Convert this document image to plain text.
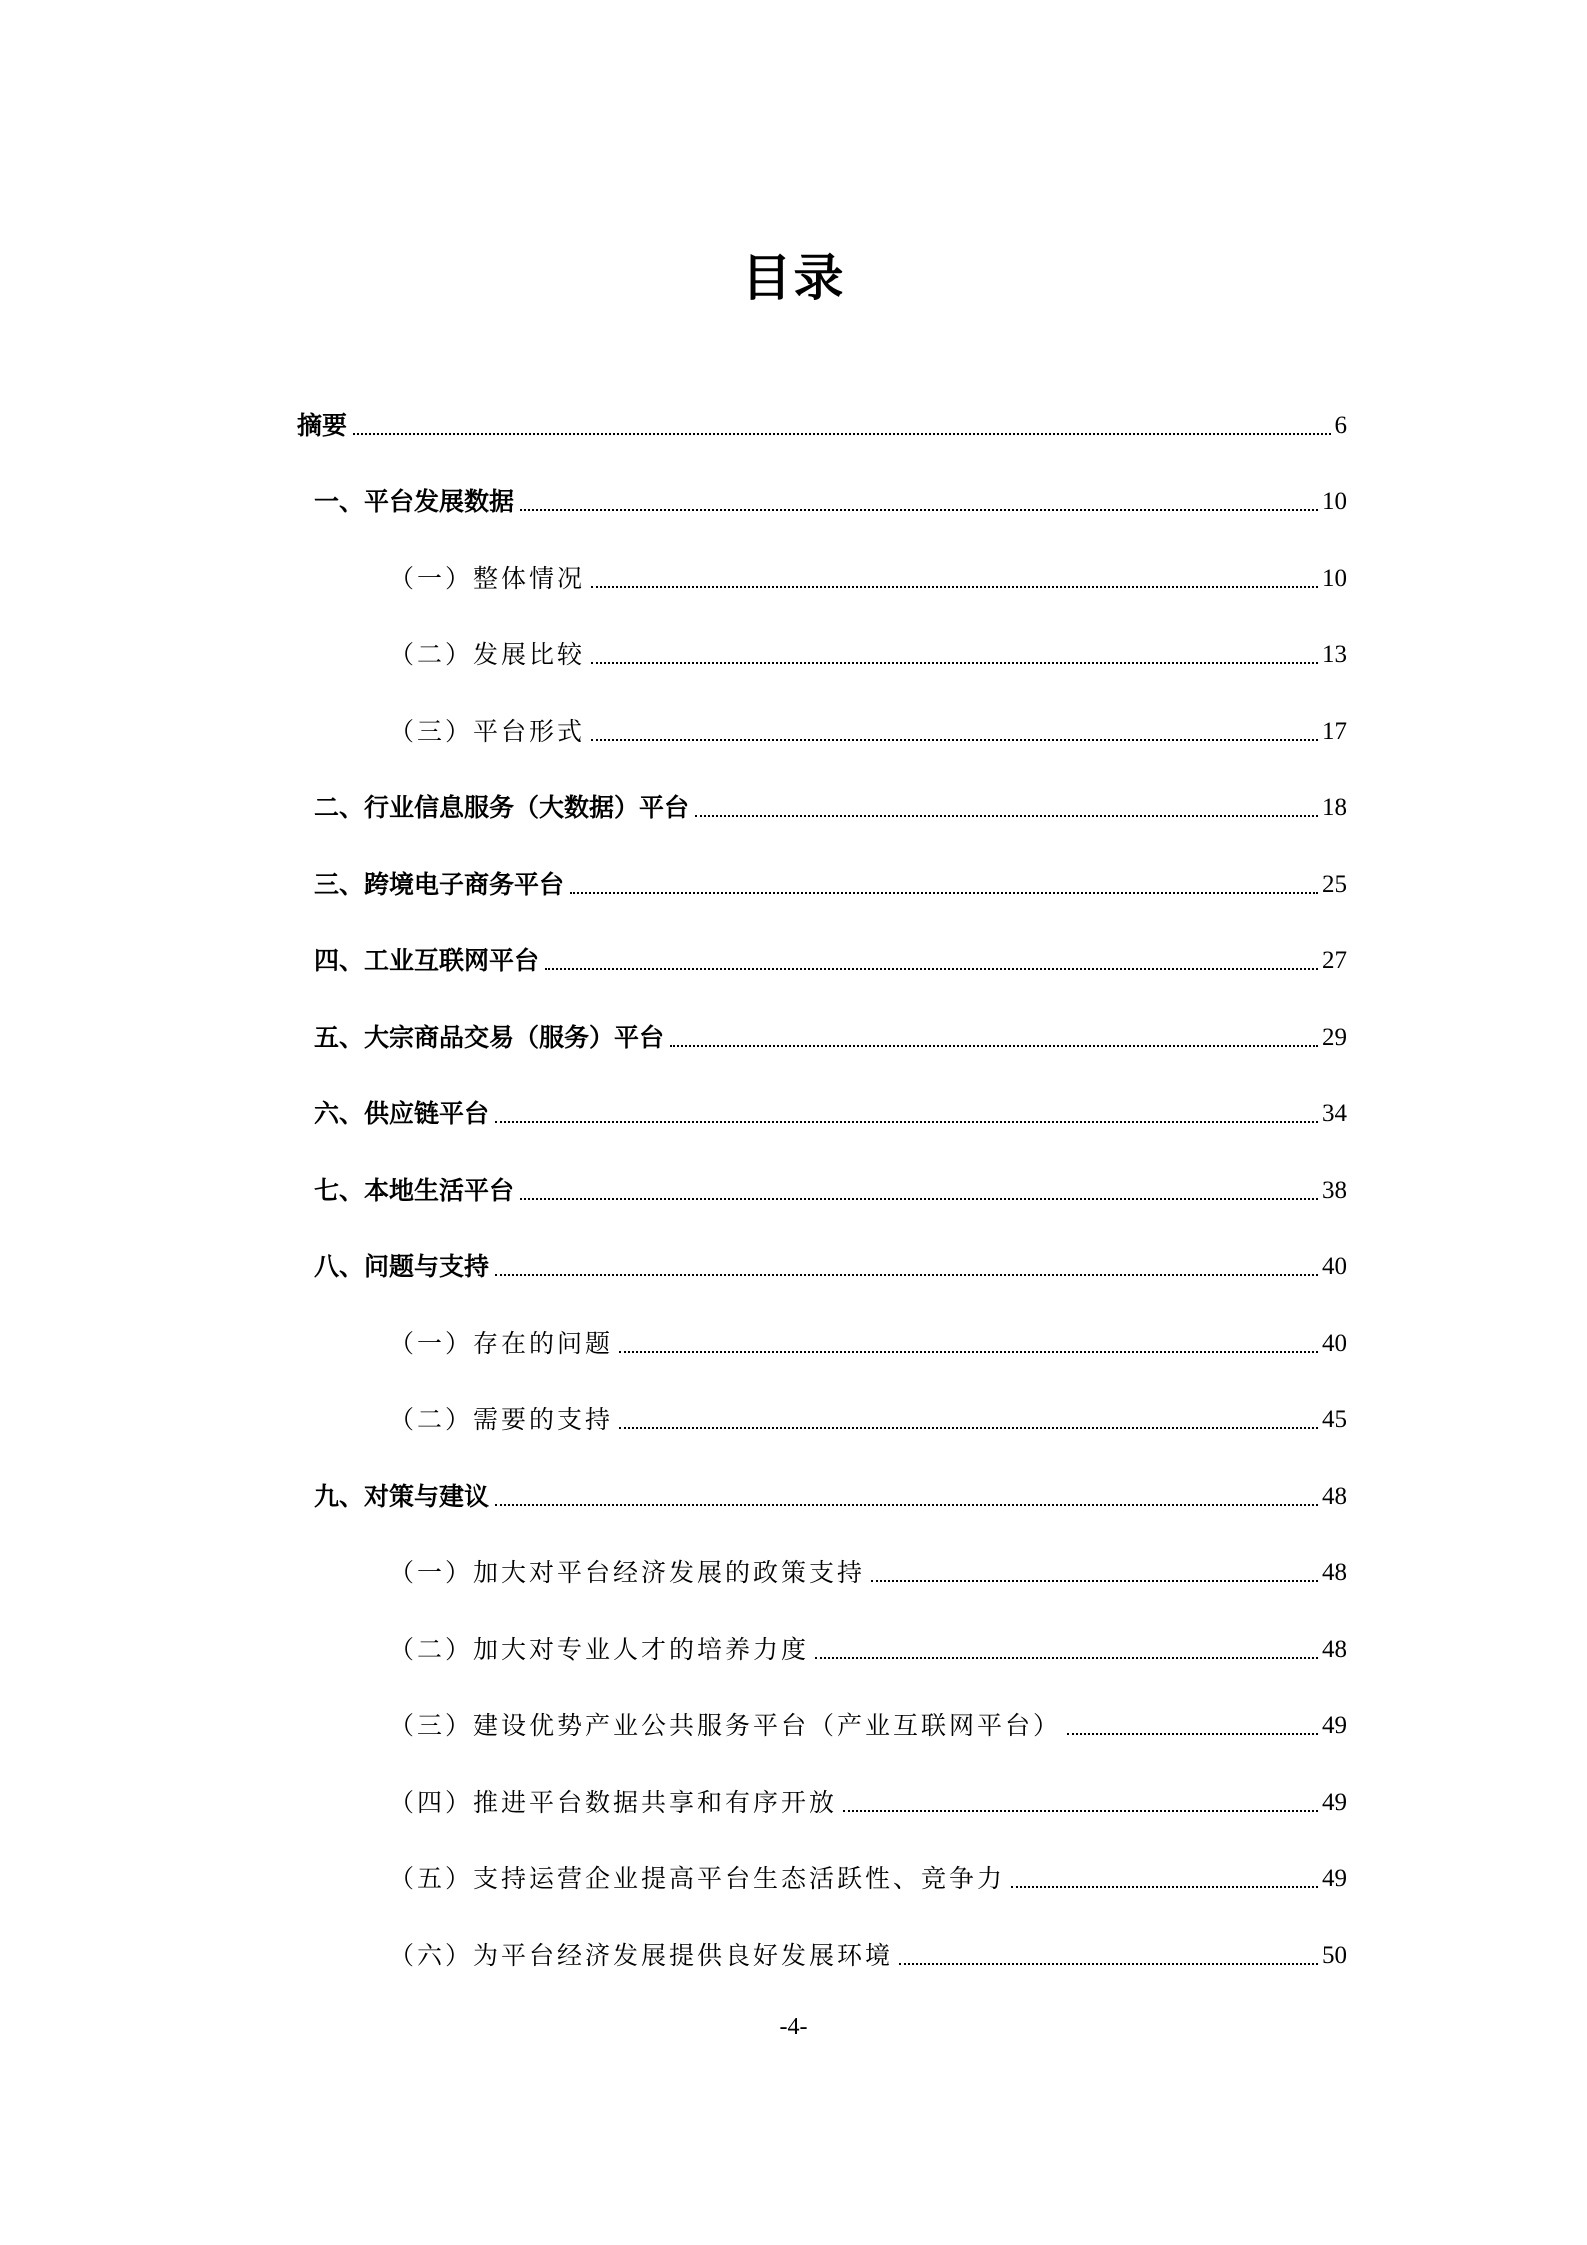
目录
摘要	6
一、平台发展数据	10
（一）整体情况	10
（二）发展比较	13
（三）平台形式	17
二、行业信息服务（大数据）平台	18
三、跨境电子商务平台	25
四、工业互联网平台	27
五、大宗商品交易（服务）平台	29
六、供应链平台	34
七、本地生活平台	38
八、问题与支持	40
（一）存在的问题	40
（二）需要的支持	45
九、对策与建议	48
（一）加大对平台经济发展的政策支持	48
（二）加大对专业人才的培养力度	48
（三）建设优势产业公共服务平台（产业互联网平台）	49
（四）推进平台数据共享和有序开放	49
（五）支持运营企业提高平台生态活跃性、竞争力	49
（六）为平台经济发展提供良好发展环境	50
-4-
